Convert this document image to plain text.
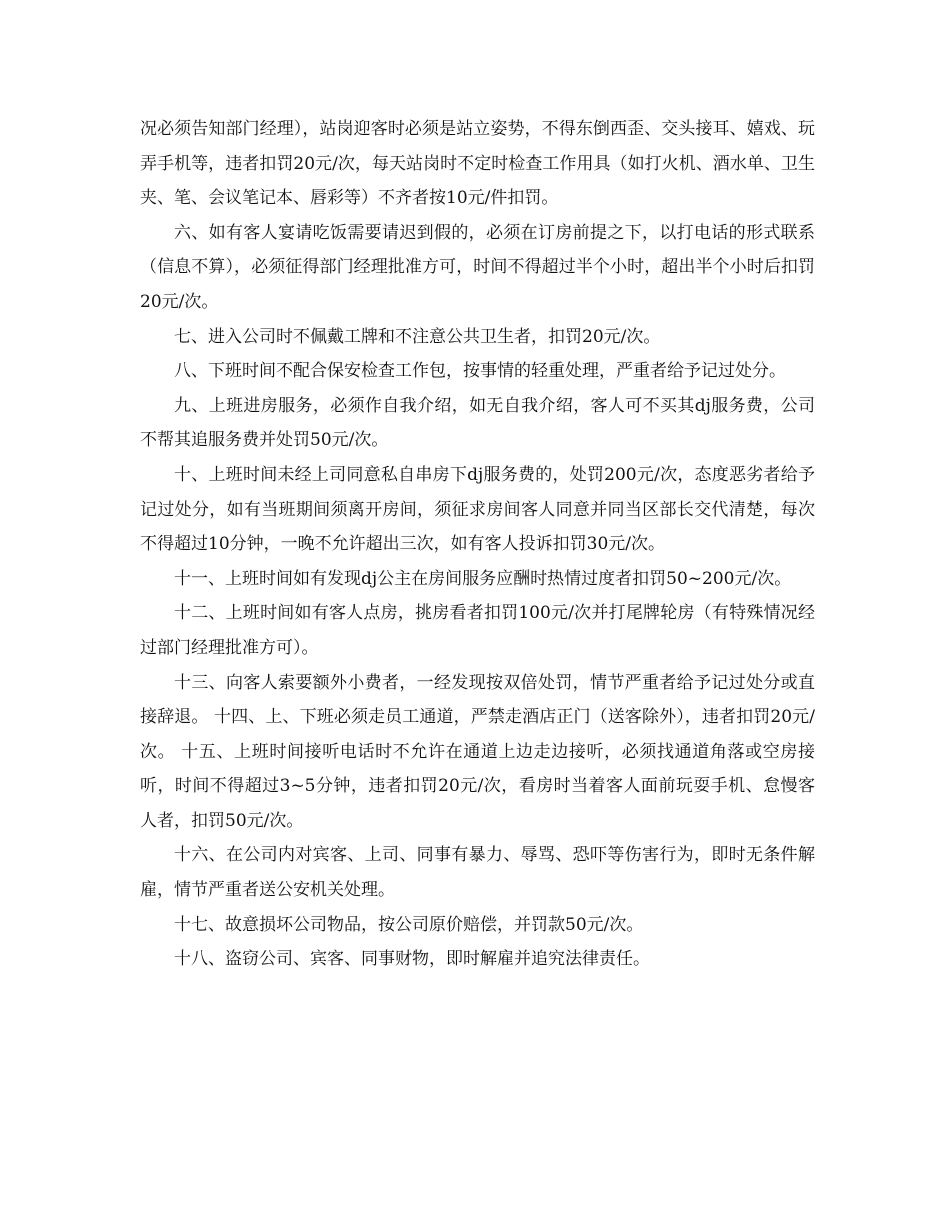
况必须告知部门经理），站岗迎客时必须是站立姿势，不得东倒西歪、交头接耳、嬉戏、玩弄手机等，违者扣罚20元/次，每天站岗时不定时检查工作用具（如打火机、酒水单、卫生夹、笔、会议笔记本、唇彩等）不齐者按10元/件扣罚。

六、如有客人宴请吃饭需要请迟到假的，必须在订房前提之下，以打电话的形式联系（信息不算），必须征得部门经理批准方可，时间不得超过半个小时，超出半个小时后扣罚20元/次。

七、进入公司时不佩戴工牌和不注意公共卫生者，扣罚20元/次。

八、下班时间不配合保安检查工作包，按事情的轻重处理，严重者给予记过处分。

九、上班进房服务，必须作自我介绍，如无自我介绍，客人可不买其dj服务费，公司不帮其追服务费并处罚50元/次。

十、上班时间未经上司同意私自串房下dj服务费的，处罚200元/次，态度恶劣者给予记过处分，如有当班期间须离开房间，须征求房间客人同意并同当区部长交代清楚，每次不得超过10分钟，一晚不允许超出三次，如有客人投诉扣罚30元/次。

十一、上班时间如有发现dj公主在房间服务应酬时热情过度者扣罚50~200元/次。

十二、上班时间如有客人点房，挑房看者扣罚100元/次并打尾牌轮房（有特殊情况经过部门经理批准方可）。

十三、向客人索要额外小费者，一经发现按双倍处罚，情节严重者给予记过处分或直接辞退。 十四、上、下班必须走员工通道，严禁走酒店正门（送客除外），违者扣罚20元/次。 十五、上班时间接听电话时不允许在通道上边走边接听，必须找通道角落或空房接听，时间不得超过3~5分钟，违者扣罚20元/次，看房时当着客人面前玩耍手机、怠慢客人者，扣罚50元/次。

十六、在公司内对宾客、上司、同事有暴力、辱骂、恐吓等伤害行为，即时无条件解雇，情节严重者送公安机关处理。

十七、故意损坏公司物品，按公司原价赔偿，并罚款50元/次。

十八、盗窃公司、宾客、同事财物，即时解雇并追究法律责任。
